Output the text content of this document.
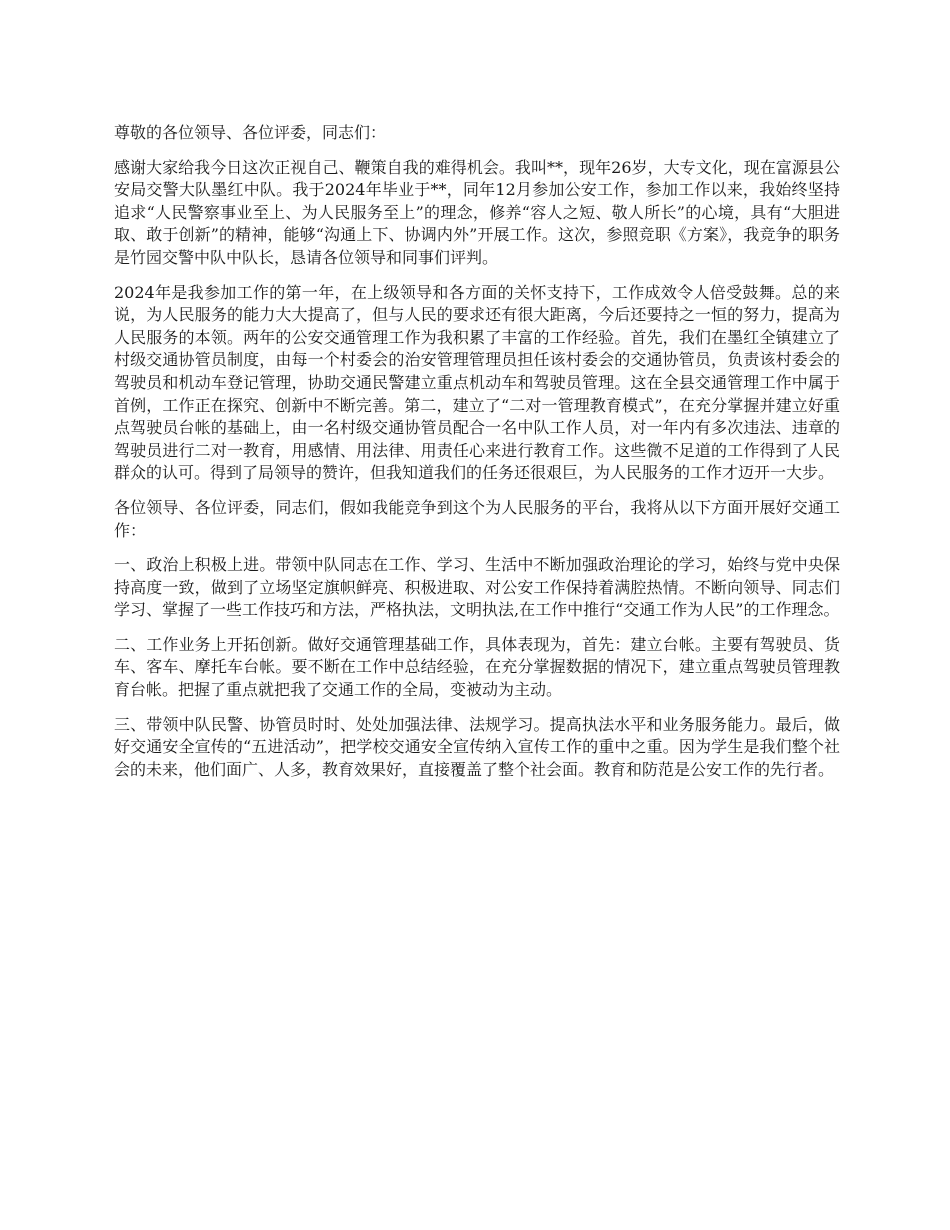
尊敬的各位领导、各位评委，同志们：

感谢大家给我今日这次正视自己、鞭策自我的难得机会。我叫**，现年26岁，大专文化，现在富源县公安局交警大队墨红中队。我于2024年毕业于**，同年12月参加公安工作，参加工作以来，我始终坚持追求“人民警察事业至上、为人民服务至上”的理念，修养“容人之短、敬人所长”的心境，具有“大胆进取、敢于创新”的精神，能够“沟通上下、协调内外”开展工作。这次，参照竞职《方案》，我竞争的职务是竹园交警中队中队长，恳请各位领导和同事们评判。

2024年是我参加工作的第一年，在上级领导和各方面的关怀支持下，工作成效令人倍受鼓舞。总的来说，为人民服务的能力大大提高了，但与人民的要求还有很大距离，今后还要持之一恒的努力，提高为人民服务的本领。两年的公安交通管理工作为我积累了丰富的工作经验。首先，我们在墨红全镇建立了村级交通协管员制度，由每一个村委会的治安管理管理员担任该村委会的交通协管员，负责该村委会的驾驶员和机动车登记管理，协助交通民警建立重点机动车和驾驶员管理。这在全县交通管理工作中属于首例，工作正在探究、创新中不断完善。第二，建立了“二对一管理教育模式”，在充分掌握并建立好重点驾驶员台帐的基础上，由一名村级交通协管员配合一名中队工作人员，对一年内有多次违法、违章的驾驶员进行二对一教育，用感情、用法律、用责任心来进行教育工作。这些微不足道的工作得到了人民群众的认可。得到了局领导的赞许，但我知道我们的任务还很艰巨，为人民服务的工作才迈开一大步。

各位领导、各位评委，同志们，假如我能竞争到这个为人民服务的平台，我将从以下方面开展好交通工作：

一、政治上积极上进。带领中队同志在工作、学习、生活中不断加强政治理论的学习，始终与党中央保持高度一致，做到了立场坚定旗帜鲜亮、积极进取、对公安工作保持着满腔热情。不断向领导、同志们学习、掌握了一些工作技巧和方法，严格执法，文明执法,在工作中推行“交通工作为人民”的工作理念。

二、工作业务上开拓创新。做好交通管理基础工作，具体表现为，首先：建立台帐。主要有驾驶员、货车、客车、摩托车台帐。要不断在工作中总结经验，在充分掌握数据的情况下，建立重点驾驶员管理教育台帐。把握了重点就把我了交通工作的全局，变被动为主动。

三、带领中队民警、协管员时时、处处加强法律、法规学习。提高执法水平和业务服务能力。最后，做好交通安全宣传的“五进活动”，把学校交通安全宣传纳入宣传工作的重中之重。因为学生是我们整个社会的未来，他们面广、人多，教育效果好，直接覆盖了整个社会面。教育和防范是公安工作的先行者。
